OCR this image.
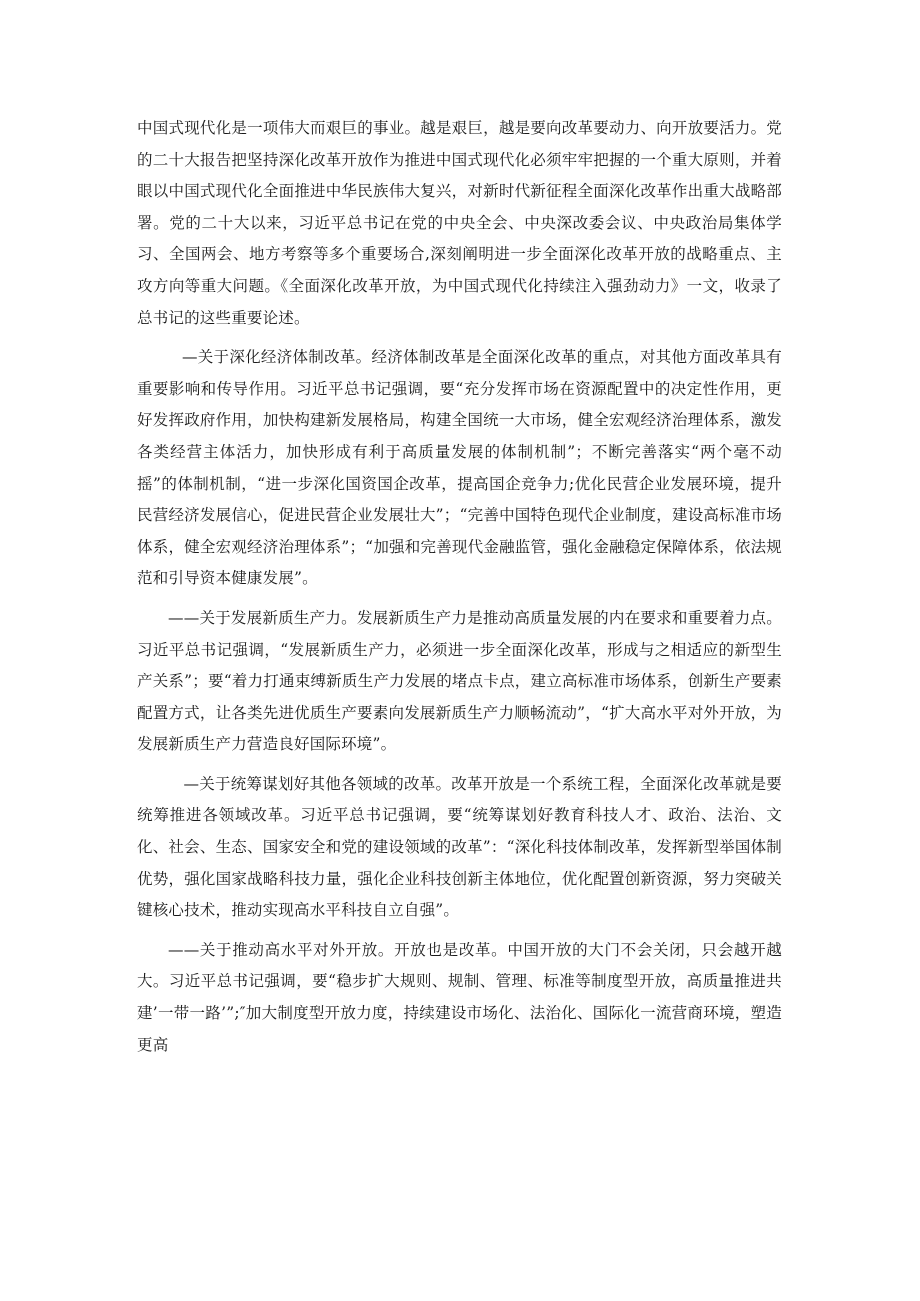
中国式现代化是一项伟大而艰巨的事业。越是艰巨，越是要向改革要动力、向开放要活力。党的二十大报告把坚持深化改革开放作为推进中国式现代化必须牢牢把握的一个重大原则，并着眼以中国式现代化全面推进中华民族伟大复兴，对新时代新征程全面深化改革作出重大战略部署。党的二十大以来，习近平总书记在党的中央全会、中央深改委会议、中央政治局集体学习、全国两会、地方考察等多个重要场合,深刻阐明进一步全面深化改革开放的战略重点、主攻方向等重大问题。《全面深化改革开放，为中国式现代化持续注入强劲动力》一文，收录了总书记的这些重要论述。

—关于深化经济体制改革。经济体制改革是全面深化改革的重点，对其他方面改革具有重要影响和传导作用。习近平总书记强调，要“充分发挥市场在资源配置中的决定性作用，更好发挥政府作用，加快构建新发展格局，构建全国统一大市场，健全宏观经济治理体系，激发各类经营主体活力，加快形成有利于高质量发展的体制机制”；不断完善落实“两个毫不动摇”的体制机制，“进一步深化国资国企改革，提高国企竞争力;优化民营企业发展环境，提升民营经济发展信心，促进民营企业发展壮大”；“完善中国特色现代企业制度，建设高标准市场体系，健全宏观经济治理体系”；“加强和完善现代金融监管，强化金融稳定保障体系，依法规范和引导资本健康发展”。

——关于发展新质生产力。发展新质生产力是推动高质量发展的内在要求和重要着力点。习近平总书记强调，“发展新质生产力，必须进一步全面深化改革，形成与之相适应的新型生产关系”；要“着力打通束缚新质生产力发展的堵点卡点，建立高标准市场体系，创新生产要素配置方式，让各类先进优质生产要素向发展新质生产力顺畅流动”，“扩大高水平对外开放，为发展新质生产力营造良好国际环境”。

—关于统筹谋划好其他各领域的改革。改革开放是一个系统工程，全面深化改革就是要统筹推进各领域改革。习近平总书记强调，要“统筹谋划好教育科技人才、政治、法治、文化、社会、生态、国家安全和党的建设领域的改革”：“深化科技体制改革，发挥新型举国体制优势，强化国家战略科技力量，强化企业科技创新主体地位，优化配置创新资源，努力突破关键核心技术，推动实现高水平科技自立自强”。

——关于推动高水平对外开放。开放也是改革。中国开放的大门不会关闭，只会越开越大。习近平总书记强调，要“稳步扩大规则、规制、管理、标准等制度型开放，高质量推进共建’一带一路’”;″加大制度型开放力度，持续建设市场化、法治化、国际化一流营商环境，塑造更高
